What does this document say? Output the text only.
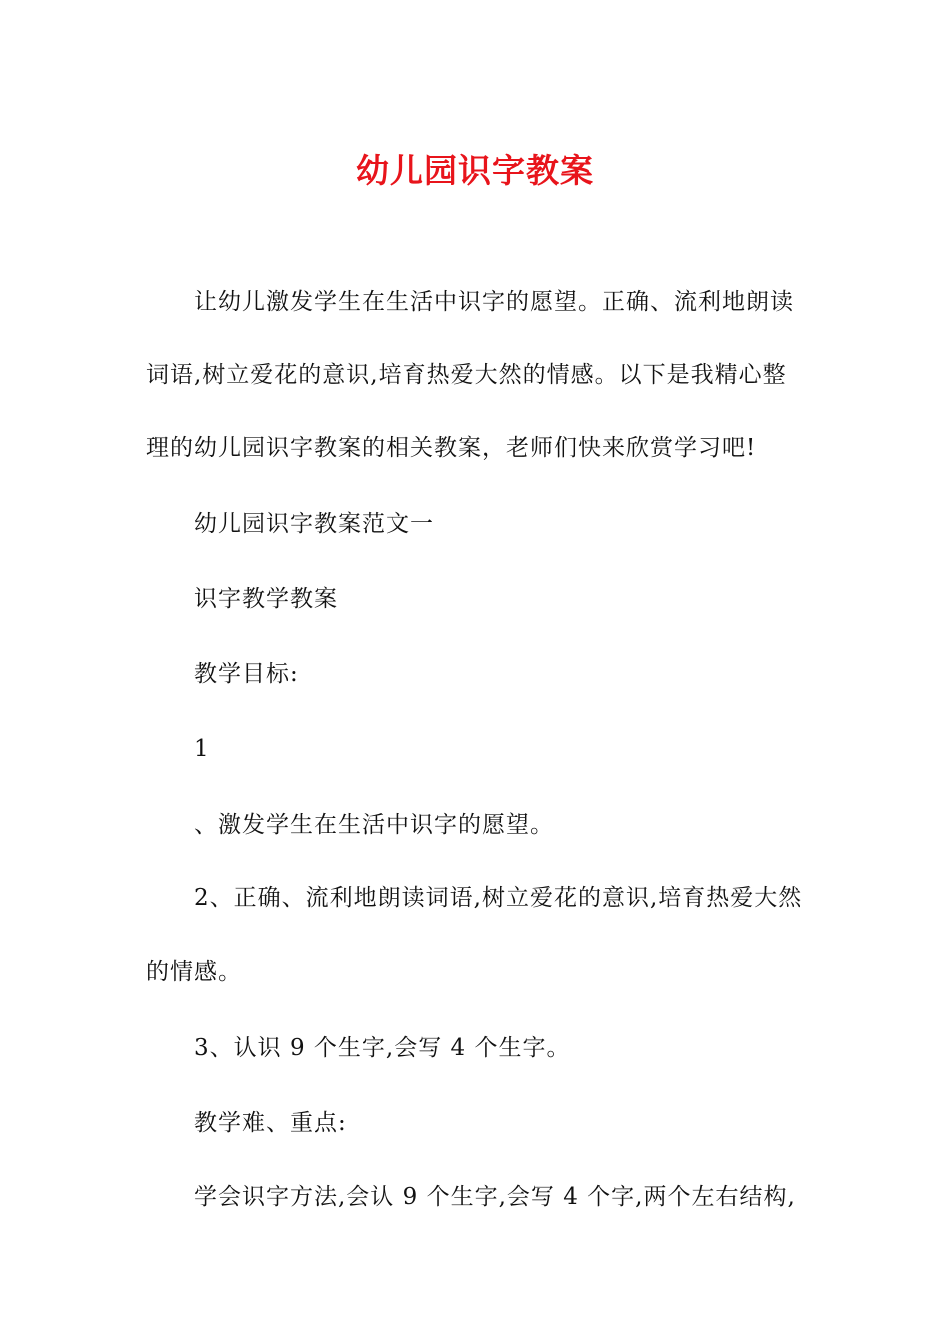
幼儿园识字教案

让幼儿激发学生在生活中识字的愿望。正确、流利地朗读

词语,树立爱花的意识,培育热爱大然的情感。以下是我精心整

理的幼儿园识字教案的相关教案，老师们快来欣赏学习吧!

幼儿园识字教案范文一

识字教学教案

教学目标:

1

、激发学生在生活中识字的愿望。

2、正确、流利地朗读词语,树立爱花的意识,培育热爱大然

的情感。

3、认识 9 个生字,会写 4 个生字。

教学难、重点:

学会识字方法,会认 9 个生字,会写 4 个字,两个左右结构,
